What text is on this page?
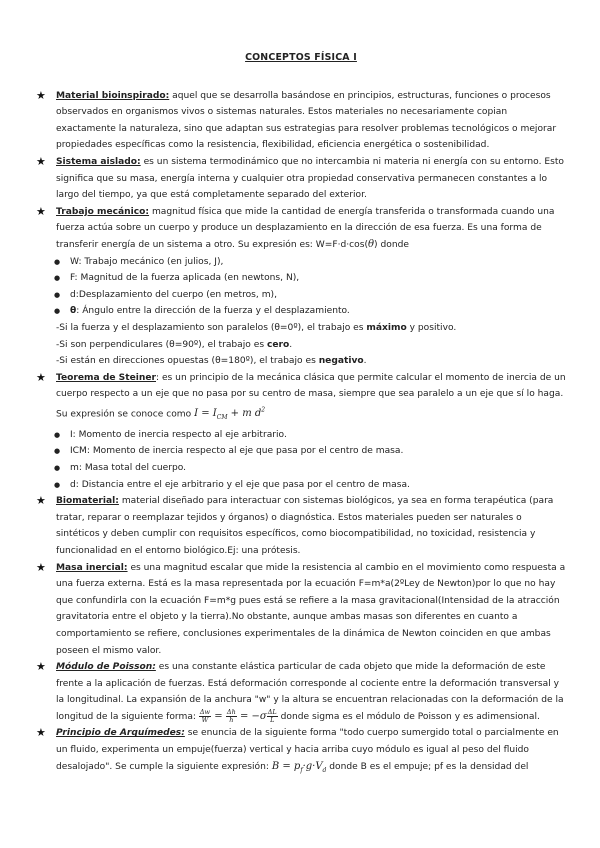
CONCEPTOS FÍSICA I
★ Material bioinspirado: aquel que se desarrolla basándose en principios, estructuras, funciones o procesos observados en organismos vivos o sistemas naturales. Estos materiales no necesariamente copian exactamente la naturaleza, sino que adaptan sus estrategias para resolver problemas tecnológicos o mejorar propiedades específicas como la resistencia, flexibilidad, eficiencia energética o sostenibilidad.
★ Sistema aislado: es un sistema termodinámico que no intercambia ni materia ni energía con su entorno. Esto significa que su masa, energía interna y cualquier otra propiedad conservativa permanecen constantes a lo largo del tiempo, ya que está completamente separado del exterior.
★ Trabajo mecánico: magnitud física que mide la cantidad de energía transferida o transformada cuando una fuerza actúa sobre un cuerpo y produce un desplazamiento en la dirección de esa fuerza. Es una forma de transferir energía de un sistema a otro. Su expresión es: W=F·d·cos(θ) donde
● W: Trabajo mecánico (en julios, J),
● F: Magnitud de la fuerza aplicada (en newtons, N),
● d:Desplazamiento del cuerpo (en metros, m),
● θ: Ángulo entre la dirección de la fuerza y el desplazamiento.
-Si la fuerza y el desplazamiento son paralelos (θ=0º), el trabajo es máximo y positivo.
-Si son perpendiculares (θ=90º), el trabajo es cero.
-Si están en direcciones opuestas (θ=180º), el trabajo es negativo.
★ Teorema de Steiner: es un principio de la mecánica clásica que permite calcular el momento de inercia de un cuerpo respecto a un eje que no pasa por su centro de masa, siempre que sea paralelo a un eje que sí lo haga. Su expresión se conoce como $I = I_{CM} + m$ $d^2$
● I: Momento de inercia respecto al eje arbitrario.
● ICM: Momento de inercia respecto al eje que pasa por el centro de masa.
● m: Masa total del cuerpo.
● d: Distancia entre el eje arbitrario y el eje que pasa por el centro de masa.
★ Biomaterial: material diseñado para interactuar con sistemas biológicos, ya sea en forma terapéutica (para tratar, reparar o reemplazar tejidos y órganos) o diagnóstica. Estos materiales pueden ser naturales o sintéticos y deben cumplir con requisitos específicos, como biocompatibilidad, no toxicidad, resistencia y funcionalidad en el entorno biológico.Ej: una prótesis.
★ Masa inercial: es una magnitud escalar que mide la resistencia al cambio en el movimiento como respuesta a una fuerza externa. Está es la masa representada por la ecuación F=m*a(2ºLey de Newton)por lo que no hay que confundirla con la ecuación F=m*g pues está se refiere a la masa gravitacional(Intensidad de la atracción gravitatoria entre el objeto y la tierra).No obstante, aunque ambas masas son diferentes en cuanto a comportamiento se refiere, conclusiones experimentales de la dinámica de Newton coinciden en que ambas poseen el mismo valor.
★ Módulo de Poisson: es una constante elástica particular de cada objeto que mide la deformación de este frente a la aplicación de fuerzas. Está deformación corresponde al cociente entre la deformación transversal y la longitudinal. La expansión de la anchura "w" y la altura se encuentran relacionadas con la deformación de la longitud de la siguiente forma: $\frac{\Delta w}{W} = \frac{\Delta h}{h} = -\sigma \frac{\Delta L}{L}$ donde sigma es el módulo de Poisson y es adimensional.
★ Principio de Arquímedes: se enuncia de la siguiente forma "todo cuerpo sumergido total o parcialmente en un fluido, experimenta un empuje(fuerza) vertical y hacia arriba cuyo módulo es igual al peso del fluido desalojado". Se cumple la siguiente expresión: $B = p_f\cdot g\cdot V_d$ donde B es el empuje; pf es la densidad del
